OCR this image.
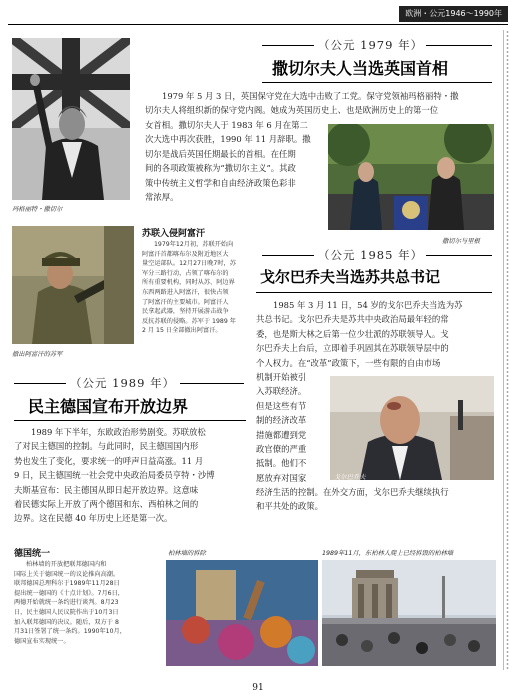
欧洲・公元1946～1990年
玛格丽特・撒切尔
（公元 1979 年）
撒切尔夫人当选英国首相
1979 年 5 月 3 日，英国保守党在大选中击败了工党。保守党领袖玛格丽特・撒
切尔夫人将组织新的保守党内阁。她成为英国历史上、也是欧洲历史上的第一位
女首相。撒切尔夫人于 1983 年 6 月在第二
次大选中再次获胜，1990 年 11 月辞职。撒
切尔是战后英国任期最长的首相。在任期
间的各项政策被称为“撒切尔主义”。其政
策中传统主义哲学和自由经济政策色彩非
常浓厚。
撒切尔与里根
撤出阿富汗的苏军
苏联入侵阿富汗
1979年12月初，苏联开始向
阿富汗首都喀布尔及附近地区大
量空运部队。12月27日晚7时，苏
军分三路行动，占领了喀布尔的
所有重要机构，同时从苏、阿边界
东西两路进入阿富汗，很快占领
了阿富汗的主要城市。阿富汗人
民拿起武器，坚持开展游击战争
反抗苏联的侵略。苏军于 1989 年
2 月 15 日全部撤出阿富汗。
（公元 1985 年）
戈尔巴乔夫当选苏共总书记
1985 年 3 月 11 日，54 岁的戈尔巴乔夫当选为苏
共总书记。戈尔巴乔夫是苏共中央政治局最年轻的常
委，也是斯大林之后第一位少壮派的苏联领导人。戈
尔巴乔夫上台后，立即着手巩固其在苏联领导层中的
个人权力。在“改革”政策下，一些有限的自由市场
机制开始被引
入苏联经济。
但是这些有节
制的经济改革
措施都遭到党
政官僚的严重
抵制。他们不
愿放弃对国家
经济生活的控制。在外交方面，戈尔巴乔夫继续执行
和平共处的政策。
戈尔巴乔夫
（公元 1989 年）
民主德国宣布开放边界
1989 年下半年，东欧政治形势剧变。苏联放松
了对民主德国的控制。与此同时，民主德国国内形
势也发生了变化，要求统一的呼声日益高涨。11 月
9 日，民主德国统一社会党中央政治局委员亨特・沙博
夫斯基宣布：民主德国从即日起开放边界。这意味
着民德实际上开放了两个德国和东、西柏林之间的
边界。这在民德 40 年历史上还是第一次。
德国统一
柏林墙的开放把联邦德国内和
国际上关于德国统一的议论推向高潮。
联邦德国总理科尔于1989年11月28日
提出统一德国的《十点计划》。7月6日，
两德开始就统一条约进行谈判。8月23
日，民主德国人民议院作出于10月3日
加入联邦德国的决议。随后，双方于 8
月31日签署了统一条约。1990年10月，
德国宣布实现统一。
柏林墙的拆除	1989年11月，东柏林人爬上已经拆毁的柏林墙
91
